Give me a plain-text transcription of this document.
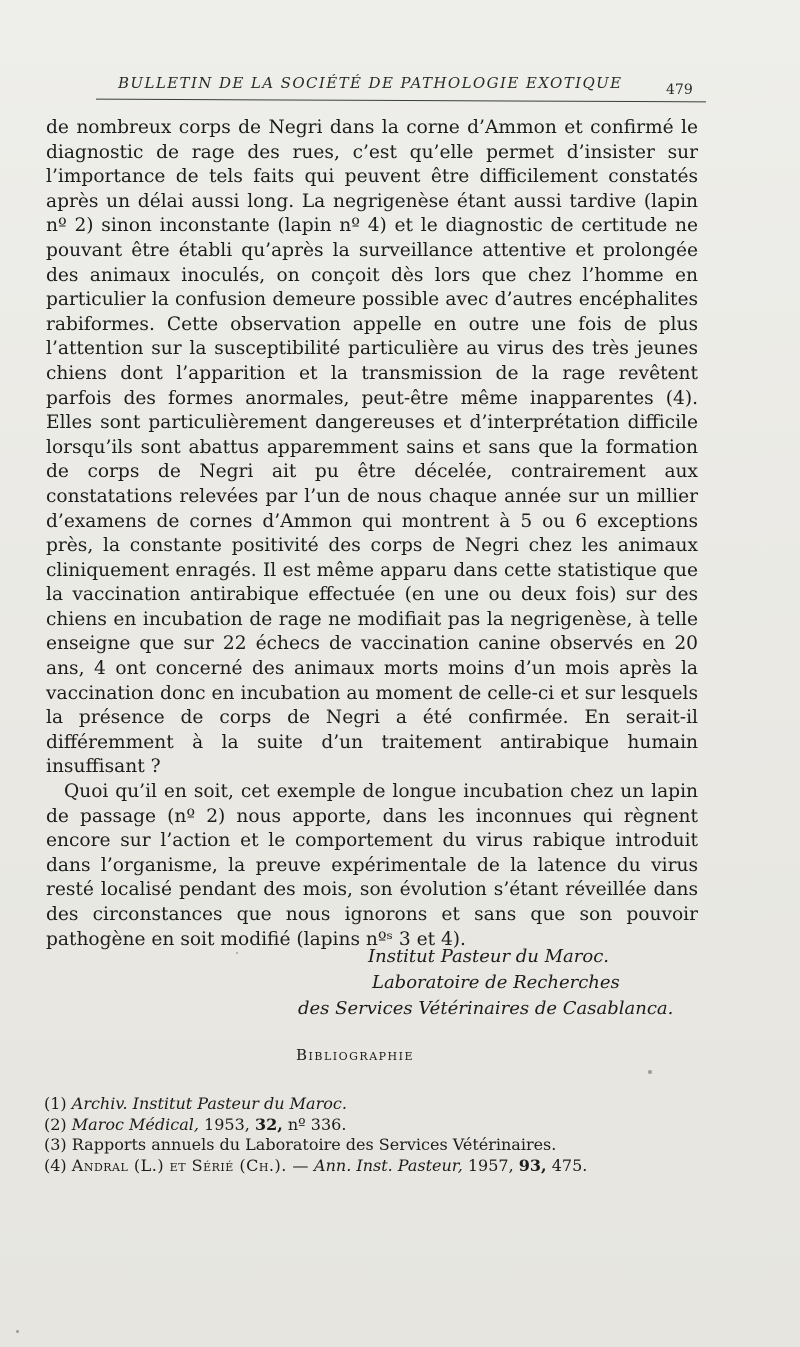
BULLETIN DE LA SOCIÉTÉ DE PATHOLOGIE EXOTIQUE	479

de nombreux corps de Negri dans la corne d’Ammon et confirmé le diagnostic de rage des rues, c’est qu’elle permet d’insister sur l’importance de tels faits qui peuvent être difficilement constatés après un délai aussi long. La negrigenèse étant aussi tardive (lapin nº 2) sinon inconstante (lapin nº 4) et le diagnostic de certitude ne pouvant être établi qu’après la surveillance attentive et prolongée des animaux inoculés, on conçoit dès lors que chez l’homme en particulier la confusion demeure possible avec d’autres encéphalites rabiformes. Cette observation appelle en outre une fois de plus l’attention sur la susceptibilité particulière au virus des très jeunes chiens dont l’apparition et la transmission de la rage revêtent parfois des formes anormales, peut-être même inapparentes (4). Elles sont particulièrement dangereuses et d’interprétation difficile lorsqu’ils sont abattus apparemment sains et sans que la formation de corps de Negri ait pu être décelée, contrairement aux constatations relevées par l’un de nous chaque année sur un millier d’examens de cornes d’Ammon qui montrent à 5 ou 6 exceptions près, la constante positivité des corps de Negri chez les animaux cliniquement enragés. Il est même apparu dans cette statistique que la vaccination antirabique effectuée (en une ou deux fois) sur des chiens en incubation de rage ne modifiait pas la negrigenèse, à telle enseigne que sur 22 échecs de vaccination canine observés en 20 ans, 4 ont concerné des animaux morts moins d’un mois après la vaccination donc en incubation au moment de celle-ci et sur lesquels la présence de corps de Negri a été confirmée. En serait-il différemment à la suite d’un traitement antirabique humain insuffisant ?

Quoi qu’il en soit, cet exemple de longue incubation chez un lapin de passage (nº 2) nous apporte, dans les inconnues qui règnent encore sur l’action et le comportement du virus rabique introduit dans l’organisme, la preuve expérimentale de la latence du virus resté localisé pendant des mois, son évolution s’étant réveillée dans des circonstances que nous ignorons et sans que son pouvoir pathogène en soit modifié (lapins nºˢ 3 et 4).

Institut Pasteur du Maroc.
Laboratoire de Recherches
des Services Vétérinaires de Casablanca.
Bibliographie
(1) Archiv. Institut Pasteur du Maroc.
(2) Maroc Médical, 1953, 32, nº 336.
(3) Rapports annuels du Laboratoire des Services Vétérinaires.
(4) Andral (L.) et Sérié (Ch.). — Ann. Inst. Pasteur, 1957, 93, 475.
